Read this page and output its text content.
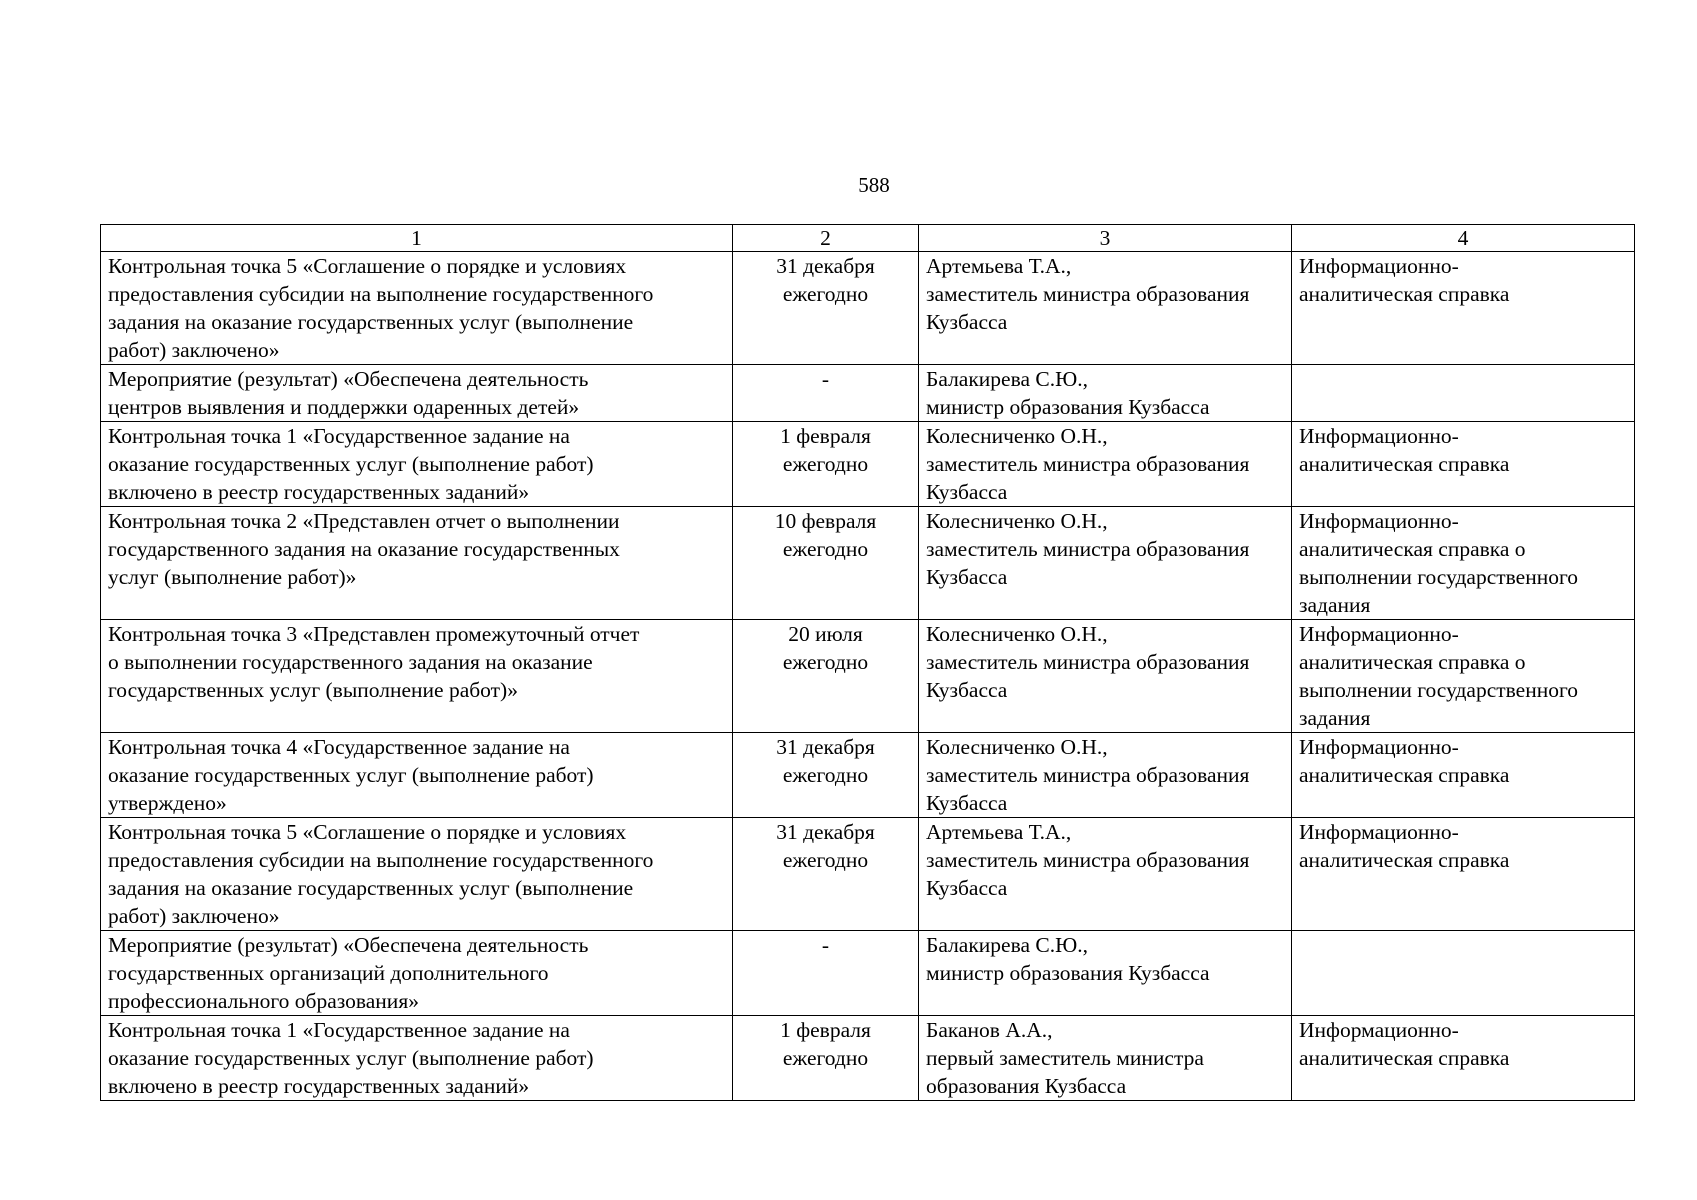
588
1	2	3	4
Контрольная точка 5 «Соглашение о порядке и условиях
предоставления субсидии на выполнение государственного
задания на оказание государственных услуг (выполнение
работ) заключено»	31 декабря
ежегодно	Артемьева Т.А.,
заместитель министра образования
Кузбасса	Информационно-
аналитическая справка
Мероприятие (результат) «Обеспечена деятельность
центров выявления и поддержки одаренных детей»	-	Балакирева С.Ю.,
министр образования Кузбасса	
Контрольная точка 1 «Государственное задание на
оказание государственных услуг (выполнение работ)
включено в реестр государственных заданий»	1 февраля
ежегодно	Колесниченко О.Н.,
заместитель министра образования
Кузбасса	Информационно-
аналитическая справка
Контрольная точка 2 «Представлен отчет о выполнении
государственного задания на оказание государственных
услуг (выполнение работ)»	10 февраля
ежегодно	Колесниченко О.Н.,
заместитель министра образования
Кузбасса	Информационно-
аналитическая справка о
выполнении государственного
задания
Контрольная точка 3 «Представлен промежуточный отчет
о выполнении государственного задания на оказание
государственных услуг (выполнение работ)»	20 июля
ежегодно	Колесниченко О.Н.,
заместитель министра образования
Кузбасса	Информационно-
аналитическая справка о
выполнении государственного
задания
Контрольная точка 4 «Государственное задание на
оказание государственных услуг (выполнение работ)
утверждено»	31 декабря
ежегодно	Колесниченко О.Н.,
заместитель министра образования
Кузбасса	Информационно-
аналитическая справка
Контрольная точка 5 «Соглашение о порядке и условиях
предоставления субсидии на выполнение государственного
задания на оказание государственных услуг (выполнение
работ) заключено»	31 декабря
ежегодно	Артемьева Т.А.,
заместитель министра образования
Кузбасса	Информационно-
аналитическая справка
Мероприятие (результат) «Обеспечена деятельность
государственных организаций дополнительного
профессионального образования»	-	Балакирева С.Ю.,
министр образования Кузбасса	
Контрольная точка 1 «Государственное задание на
оказание государственных услуг (выполнение работ)
включено в реестр государственных заданий»	1 февраля
ежегодно	Баканов А.А.,
первый заместитель министра
образования Кузбасса	Информационно-
аналитическая справка
